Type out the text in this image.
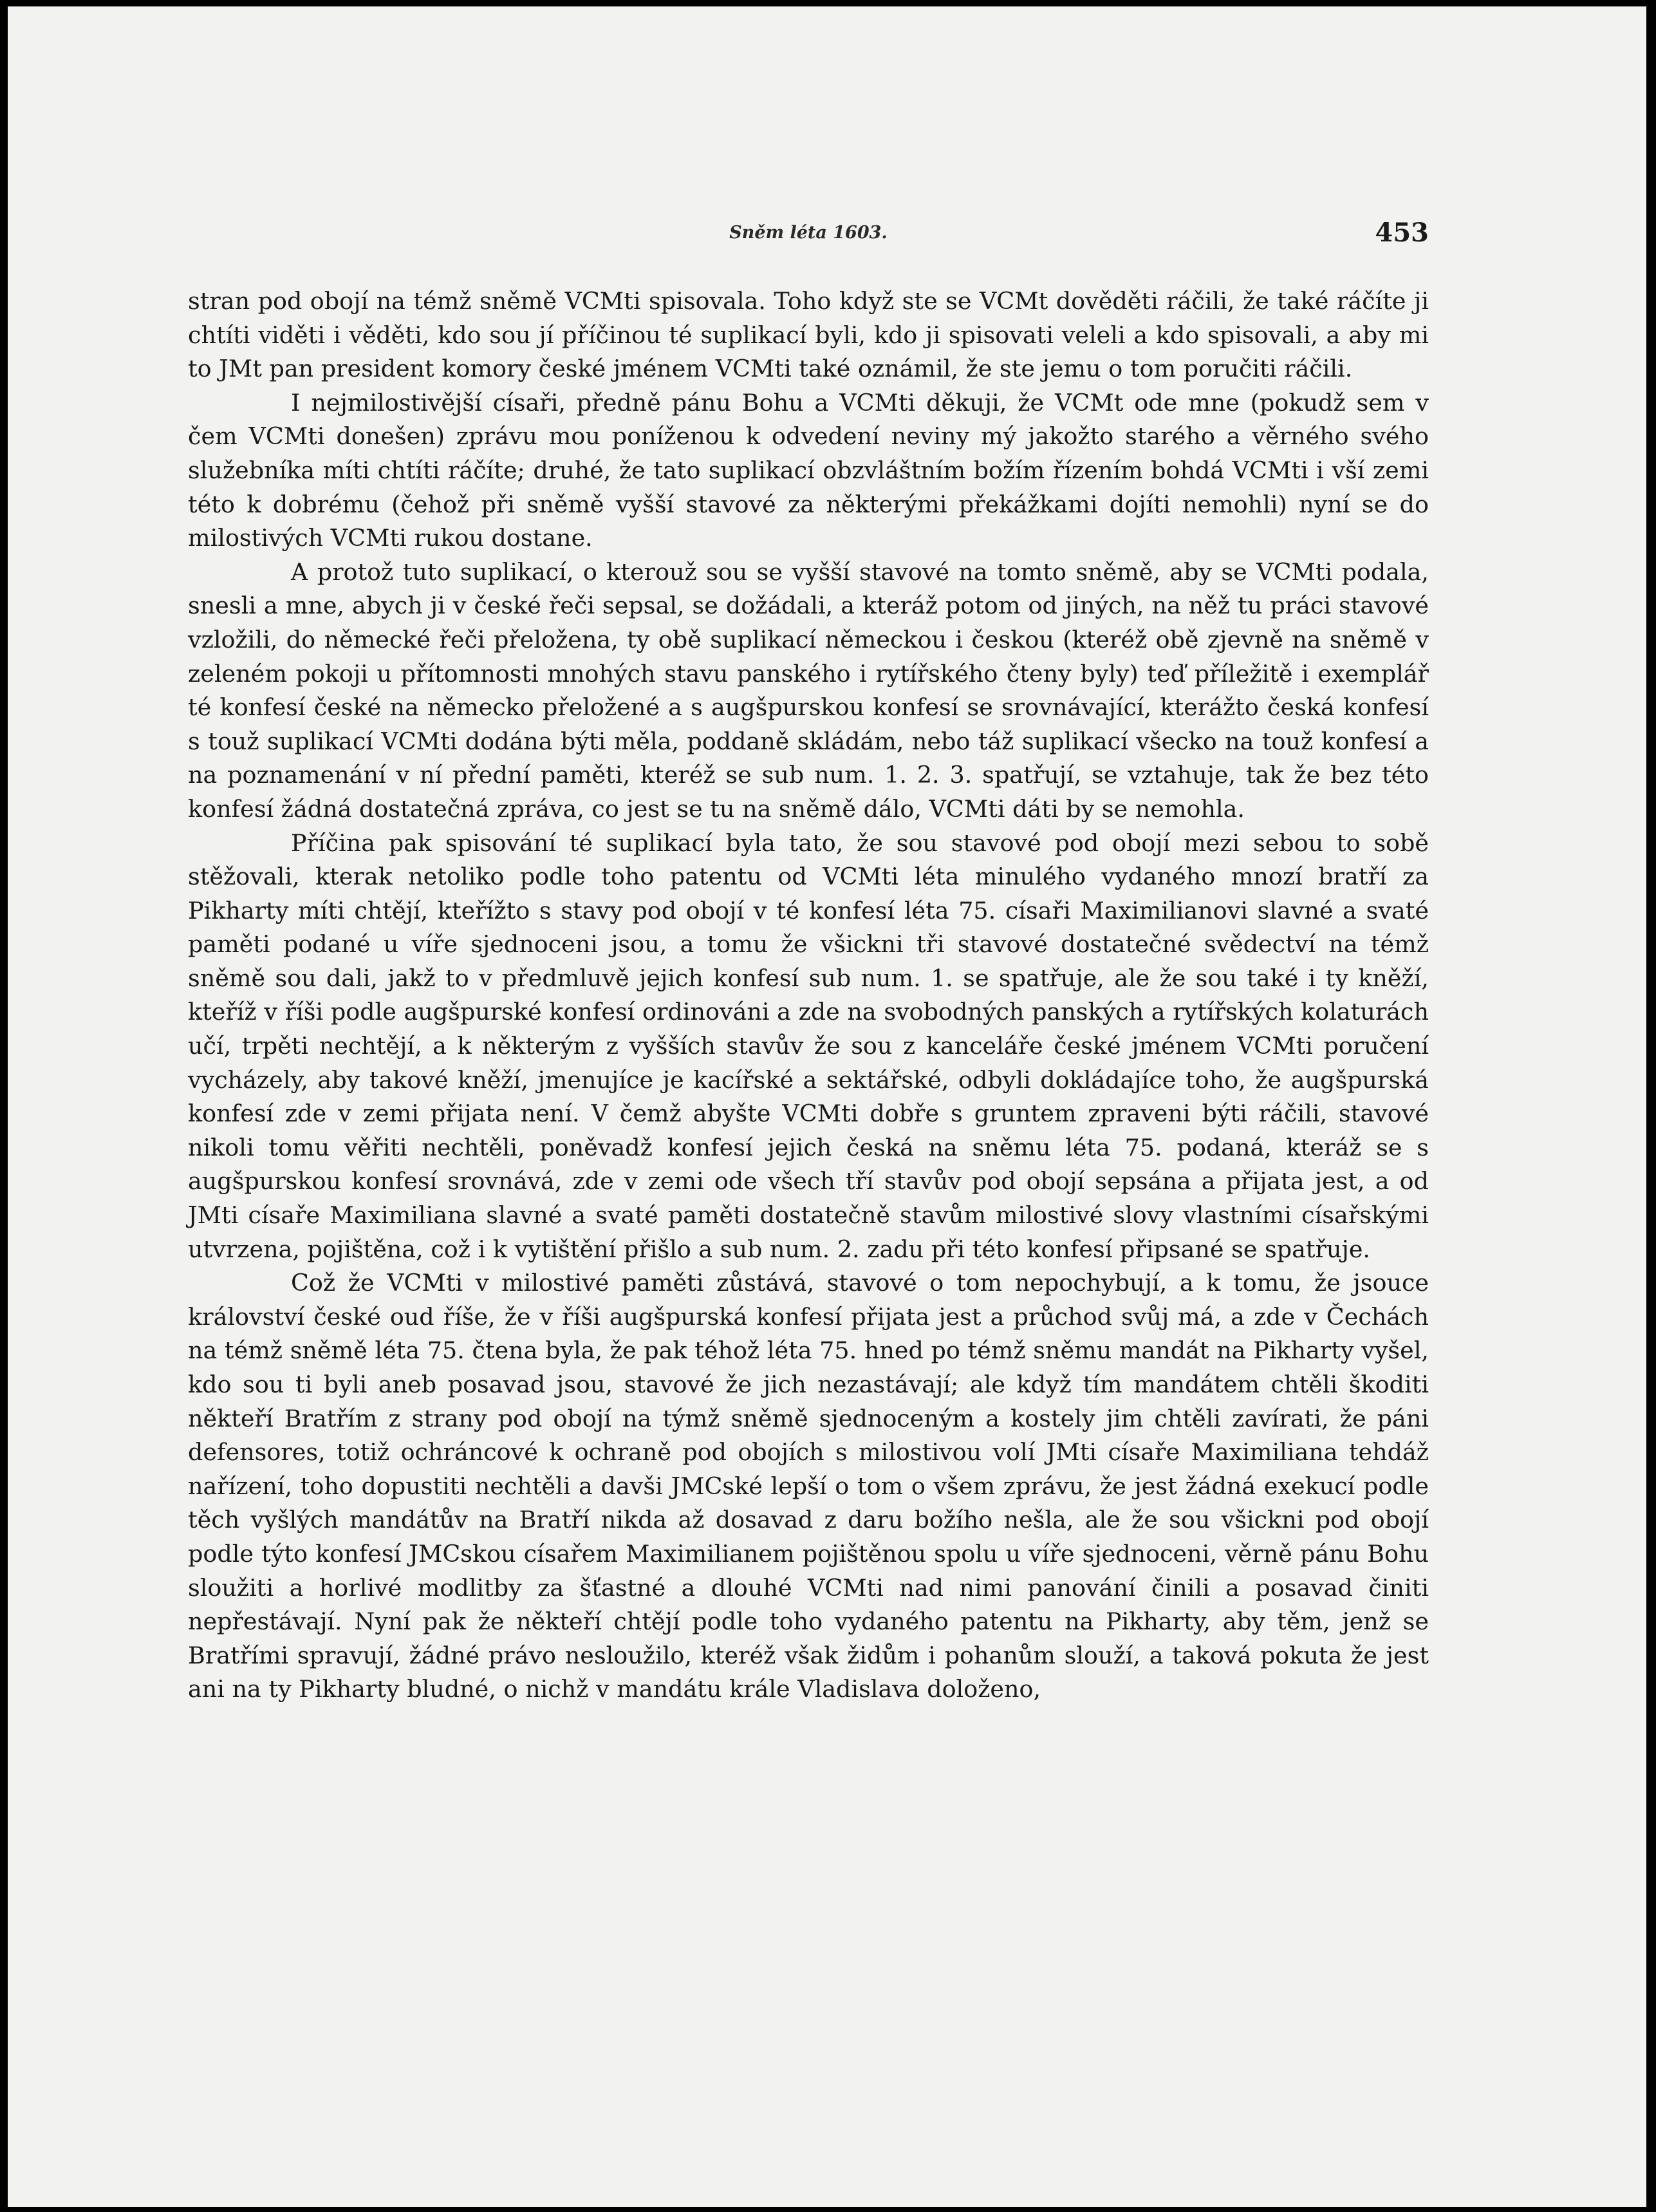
Sněm léta 1603.	453

stran pod obojí na témž sněmě VCMti spisovala. Toho když ste se VCMt dověděti ráčili, že také ráčíte ji chtíti viděti i věděti, kdo sou jí příčinou té suplikací byli, kdo ji spisovati veleli a kdo spisovali, a aby mi to JMt pan president komory české jménem VCMti také oznámil, že ste jemu o tom poručiti ráčili.

I nejmilostivější císaři, předně pánu Bohu a VCMti děkuji, že VCMt ode mne (pokudž sem v čem VCMti donešen) zprávu mou poníženou k odvedení neviny mý jakožto starého a věrného svého služebníka míti chtíti ráčíte; druhé, že tato suplikací obzvláštním božím řízením bohdá VCMti i vší zemi této k dobrému (čehož při sněmě vyšší stavové za některými překážkami dojíti nemohli) nyní se do milostivých VCMti rukou dostane.

A protož tuto suplikací, o kterouž sou se vyšší stavové na tomto sněmě, aby se VCMti podala, snesli a mne, abych ji v české řeči sepsal, se dožádali, a kteráž potom od jiných, na něž tu práci stavové vzložili, do německé řeči přeložena, ty obě suplikací německou i českou (kteréž obě zjevně na sněmě v zeleném pokoji u přítomnosti mnohých stavu panského i rytířského čteny byly) teď příležitě i exemplář té konfesí české na německo přeložené a s augšpurskou konfesí se srovnávající, kterážto česká konfesí s touž suplikací VCMti dodána býti měla, poddaně skládám, nebo táž suplikací všecko na touž konfesí a na poznamenání v ní přední paměti, kteréž se sub num. 1. 2. 3. spatřují, se vztahuje, tak že bez této konfesí žádná dostatečná zpráva, co jest se tu na sněmě dálo, VCMti dáti by se nemohla.

Příčina pak spisování té suplikací byla tato, že sou stavové pod obojí mezi sebou to sobě stěžovali, kterak netoliko podle toho patentu od VCMti léta minulého vydaného mnozí bratří za Pikharty míti chtějí, kteřížto s stavy pod obojí v té konfesí léta 75. císaři Maximilianovi slavné a svaté paměti podané u víře sjednoceni jsou, a tomu že všickni tři stavové dostatečné svědectví na témž sněmě sou dali, jakž to v předmluvě jejich konfesí sub num. 1. se spatřuje, ale že sou také i ty kněží, kteříž v říši podle augšpurské konfesí ordinováni a zde na svobodných panských a rytířských kolaturách učí, trpěti nechtějí, a k některým z vyšších stavův že sou z kanceláře české jménem VCMti poručení vycházely, aby takové kněží, jmenujíce je kacířské a sektářské, odbyli dokládajíce toho, že augšpurská konfesí zde v zemi přijata není. V čemž abyšte VCMti dobře s gruntem zpraveni býti ráčili, stavové nikoli tomu věřiti nechtěli, poněvadž konfesí jejich česká na sněmu léta 75. podaná, kteráž se s augšpurskou konfesí srovnává, zde v zemi ode všech tří stavův pod obojí sepsána a přijata jest, a od JMti císaře Maximiliana slavné a svaté paměti dostatečně stavům milostivé slovy vlastními císařskými utvrzena, pojištěna, což i k vytištění přišlo a sub num. 2. zadu při této konfesí připsané se spatřuje.

Což že VCMti v milostivé paměti zůstává, stavové o tom nepochybují, a k tomu, že jsouce království české oud říše, že v říši augšpurská konfesí přijata jest a průchod svůj má, a zde v Čechách na témž sněmě léta 75. čtena byla, že pak téhož léta 75. hned po témž sněmu mandát na Pikharty vyšel, kdo sou ti byli aneb posavad jsou, stavové že jich nezastávají; ale když tím mandátem chtěli škoditi někteří Bratřím z strany pod obojí na týmž sněmě sjednoceným a kostely jim chtěli zavírati, že páni defensores, totiž ochráncové k ochraně pod obojích s milostivou volí JMti císaře Maximiliana tehdáž nařízení, toho dopustiti nechtěli a davši JMCské lepší o tom o všem zprávu, že jest žádná exekucí podle těch vyšlých mandátův na Bratří nikda až dosavad z daru božího nešla, ale že sou všickni pod obojí podle týto konfesí JMCskou císařem Maximilianem pojištěnou spolu u víře sjednoceni, věrně pánu Bohu sloužiti a horlivé modlitby za šťastné a dlouhé VCMti nad nimi panování činili a posavad činiti nepřestávají. Nyní pak že někteří chtějí podle toho vydaného patentu na Pikharty, aby těm, jenž se Bratřími spravují, žádné právo nesloužilo, kteréž však židům i pohanům slouží, a taková pokuta že jest ani na ty Pikharty bludné, o nichž v mandátu krále Vladislava doloženo,
